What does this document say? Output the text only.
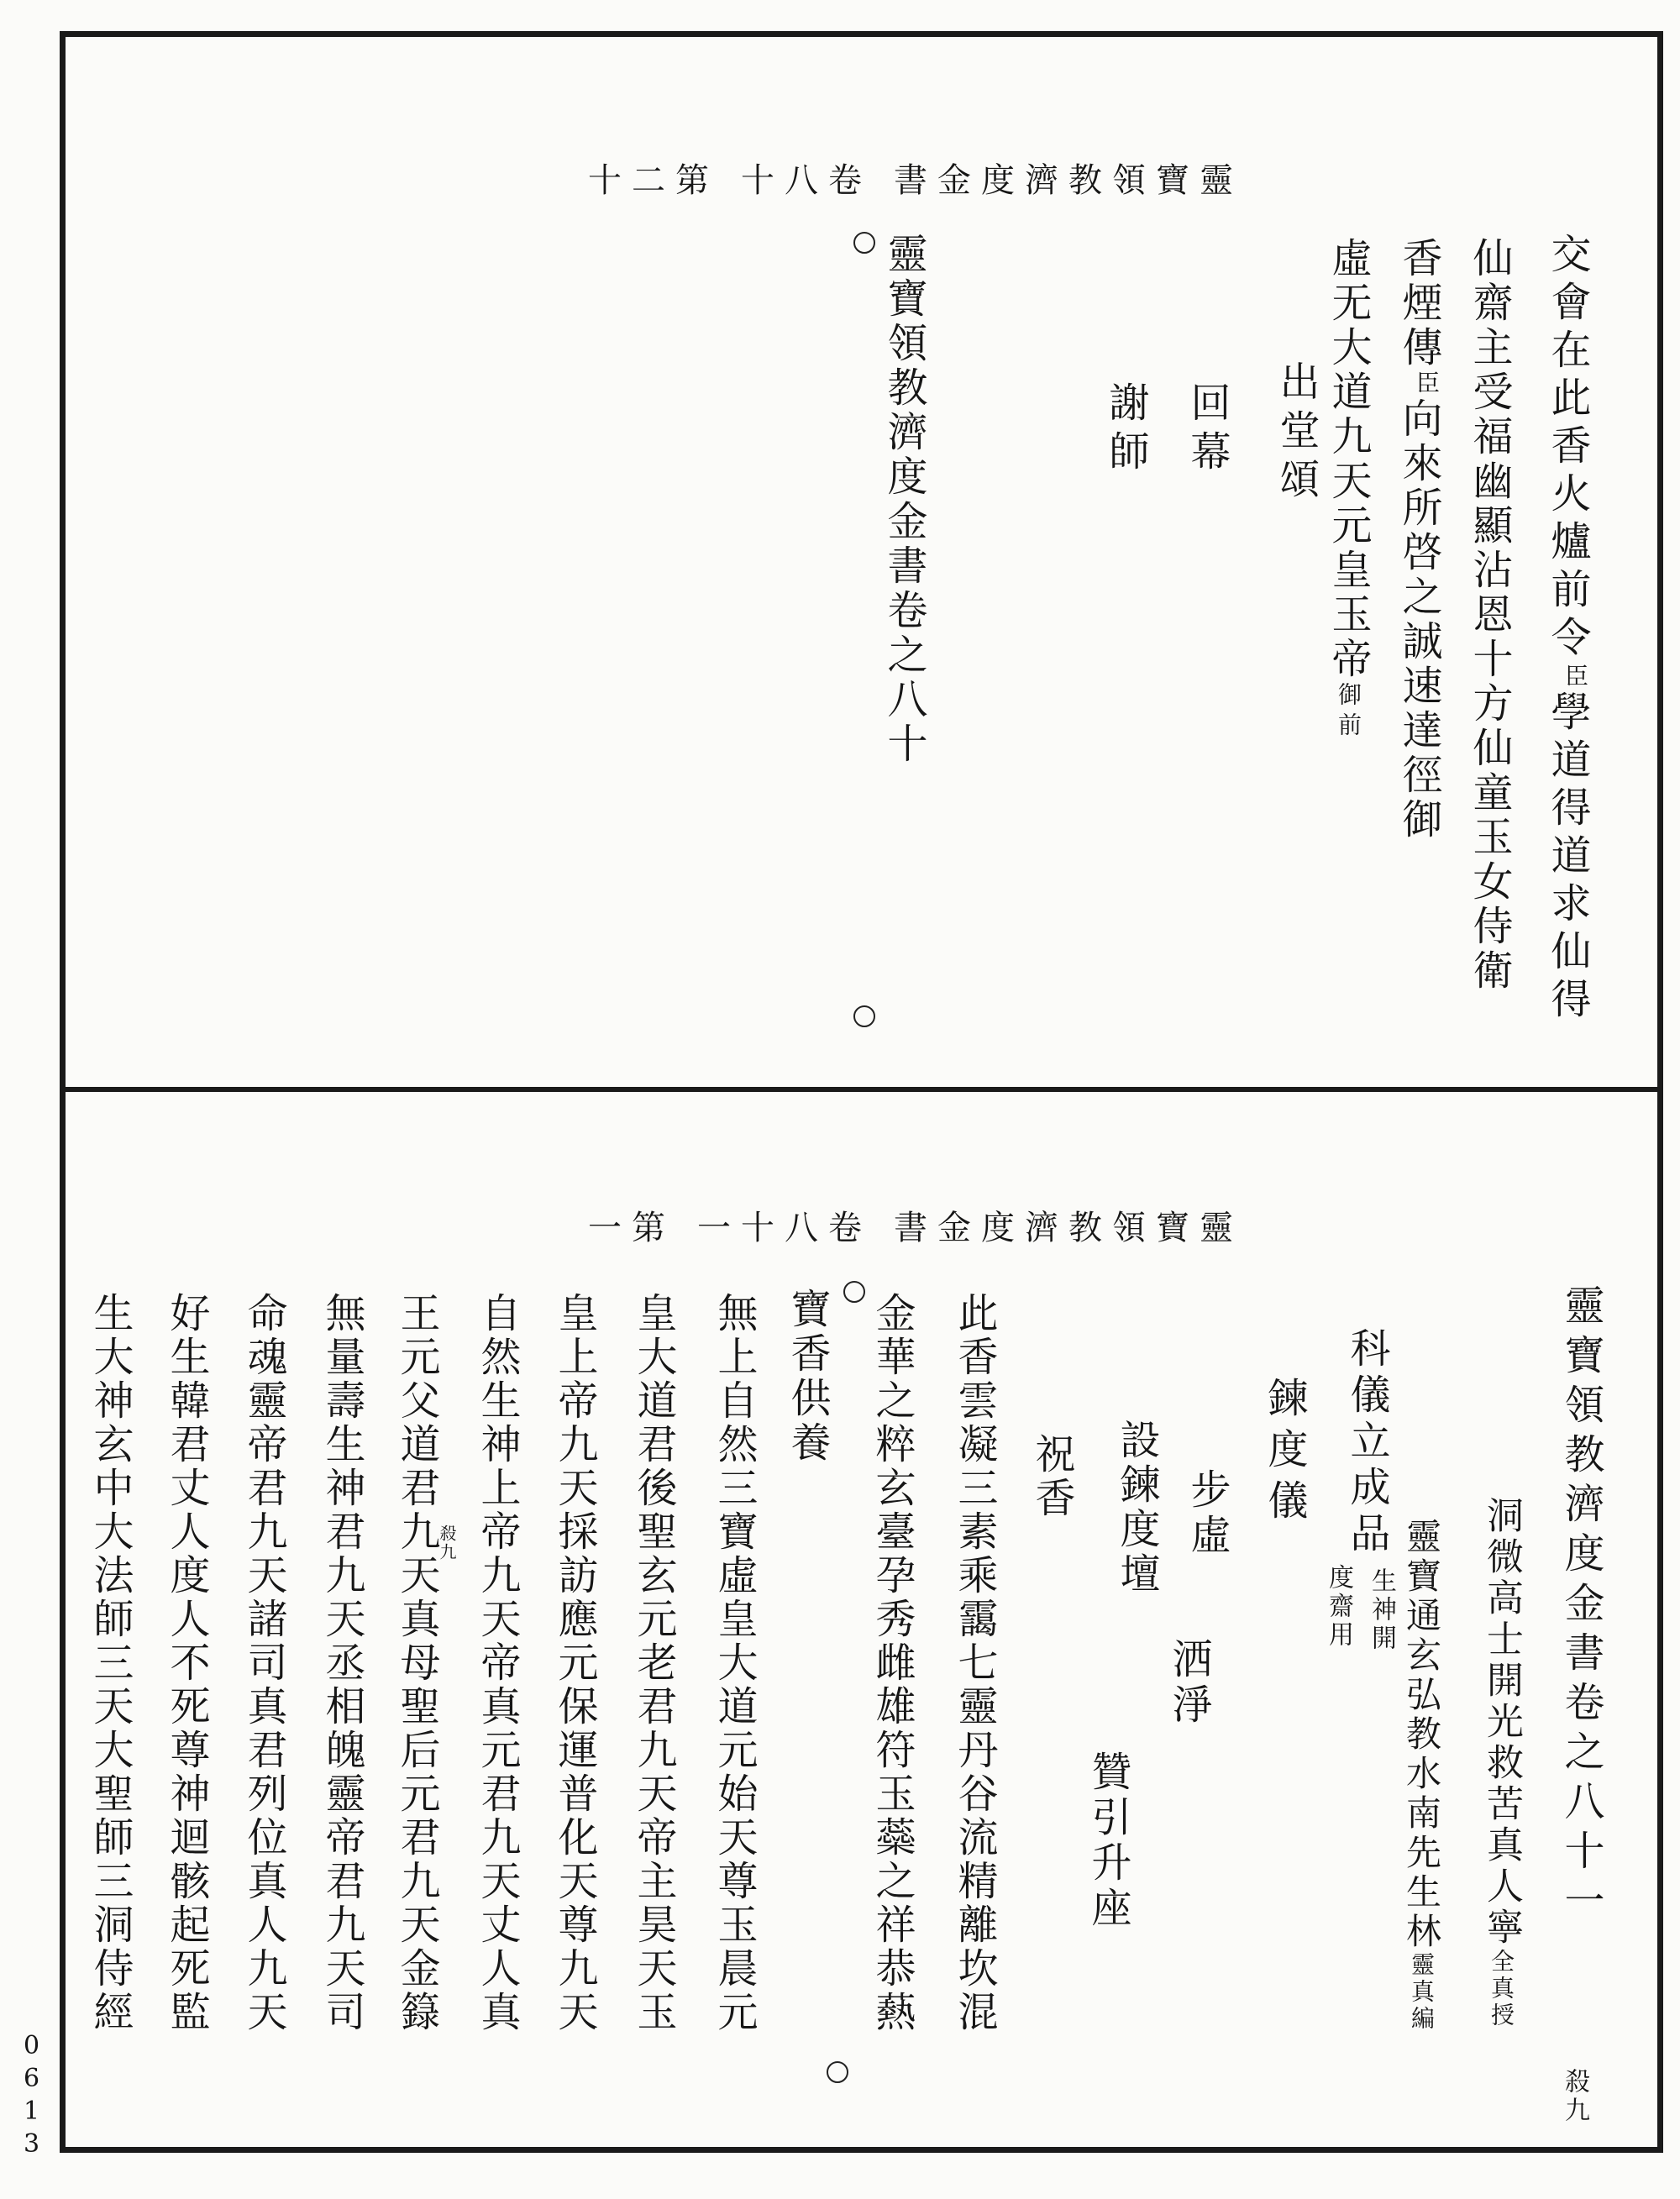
靈寶領教濟度金書
卷八十
第二十
交會在此香火爐前令臣學道得道求仙得
仙齋主受福幽顯沾恩十方仙童玉女侍衛
香煙傳臣向來所啓之誠速達徑御
虛无大道九天元皇玉帝御前
出堂頌
回幕
謝師
靈寶領教濟度金書卷之八十
靈寶領教濟度金書
卷八十一
第一
靈寶領教濟度金書卷之八十一
殺九
洞微高士開光救苦真人寧全真授
靈寶通玄弘教水南先生林靈真編
科儀立成品
生神開
度齋用
鍊度儀
步虛
洒淨
設鍊度壇
贊引升座
祝香
此香雲凝三素乘靄七靈丹谷流精離坎混
金華之粹玄臺孕秀雌雄符玉蘂之祥恭爇
寶香供養
無上自然三寶虛皇大道元始天尊玉晨元
皇大道君後聖玄元老君九天帝主昊天玉
皇上帝九天採訪應元保運普化天尊九天
自然生神上帝九天帝真元君九天丈人真
殺九
王元父道君九天真母聖后元君九天金籙
無量壽生神君九天丞相魄靈帝君九天司
命魂靈帝君九天諸司真君列位真人九天
好生韓君丈人度人不死尊神迴骸起死監
生大神玄中大法師三天大聖師三洞侍經
0613
